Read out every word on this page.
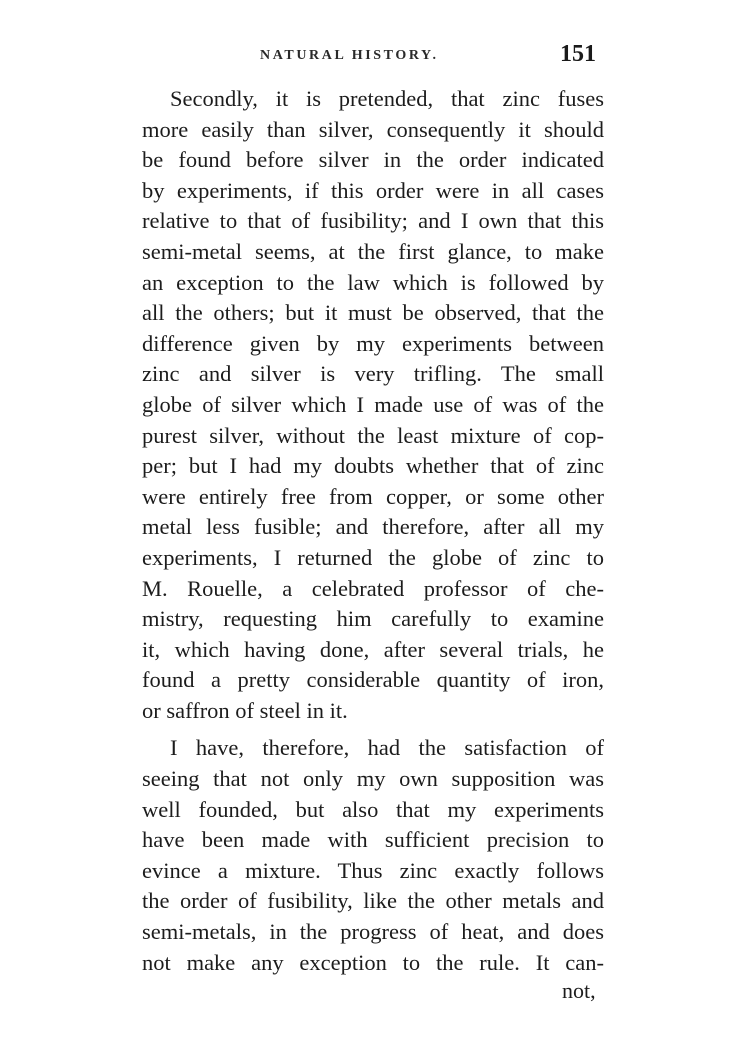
NATURAL HISTORY.	151
Secondly, it is pretended, that zinc fuses
more easily than silver, consequently it should
be found before silver in the order indicated
by experiments, if this order were in all cases
relative to that of fusibility; and I own that this
semi-metal seems, at the first glance, to make
an exception to the law which is followed by
all the others; but it must be observed, that the
difference given by my experiments between
zinc and silver is very trifling. The small
globe of silver which I made use of was of the
purest silver, without the least mixture of cop-
per; but I had my doubts whether that of zinc
were entirely free from copper, or some other
metal less fusible; and therefore, after all my
experiments, I returned the globe of zinc to
M. Rouelle, a celebrated professor of che-
mistry, requesting him carefully to examine
it, which having done, after several trials, he
found a pretty considerable quantity of iron,
or saffron of steel in it.
I have, therefore, had the satisfaction of
seeing that not only my own supposition was
well founded, but also that my experiments
have been made with sufficient precision to
evince a mixture. Thus zinc exactly follows
the order of fusibility, like the other metals and
semi-metals, in the progress of heat, and does
not make any exception to the rule. It can-
not,
